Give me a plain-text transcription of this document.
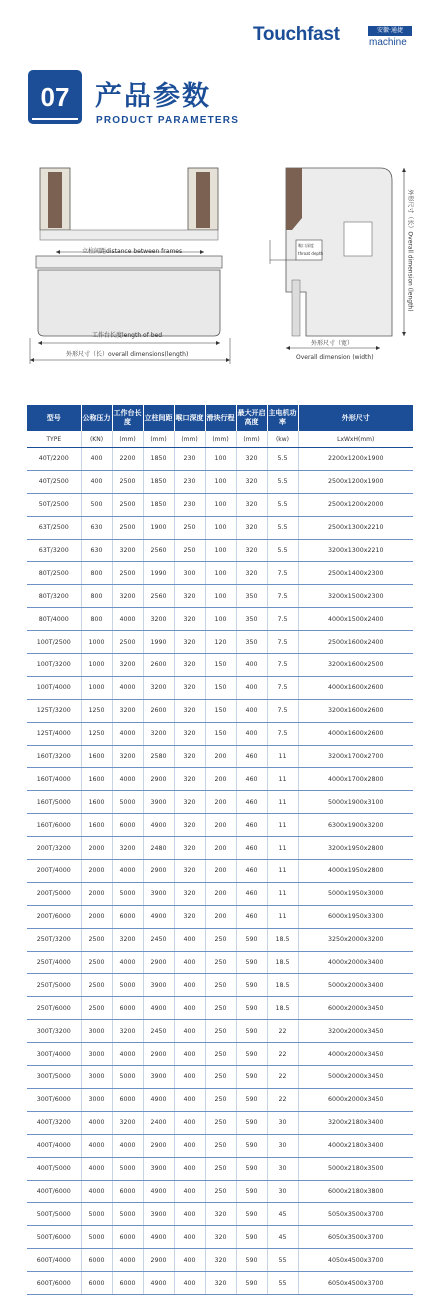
Touchfast	安徽·通捷
machine
07 产品参数
PRODUCT PARAMETERS
立柱间距distance between frames
工作台长度length of bed
外形尺寸（长）overall dimensions(length)
喉口深度
throat depth
外形尺寸（宽）
Overall dimension (width)
外形尺寸（长）Overall dimension (length)
型号	公称压力	工作台长度	立柱间距	喉口深度	滑块行程	最大开启高度	主电机功率	外形尺寸
TYPE	(KN)	(mm)	(mm)	(mm)	(mm)	(mm)	(kw)	LxWxH(mm)
40T/2200	400	2200	1850	230	100	320	5.5	2200x1200x1900
40T/2500	400	2500	1850	230	100	320	5.5	2500x1200x1900
50T/2500	500	2500	1850	230	100	320	5.5	2500x1200x2000
63T/2500	630	2500	1900	250	100	320	5.5	2500x1300x2210
63T/3200	630	3200	2560	250	100	320	5.5	3200x1300x2210
80T/2500	800	2500	1990	300	100	320	7.5	2500x1400x2300
80T/3200	800	3200	2560	320	100	350	7.5	3200x1500x2300
80T/4000	800	4000	3200	320	100	350	7.5	4000x1500x2400
100T/2500	1000	2500	1990	320	120	350	7.5	2500x1600x2400
100T/3200	1000	3200	2600	320	150	400	7.5	3200x1600x2500
100T/4000	1000	4000	3200	320	150	400	7.5	4000x1600x2600
125T/3200	1250	3200	2600	320	150	400	7.5	3200x1600x2600
125T/4000	1250	4000	3200	320	150	400	7.5	4000x1600x2600
160T/3200	1600	3200	2580	320	200	460	11	3200x1700x2700
160T/4000	1600	4000	2900	320	200	460	11	4000x1700x2800
160T/5000	1600	5000	3900	320	200	460	11	5000x1900x3100
160T/6000	1600	6000	4900	320	200	460	11	6300x1900x3200
200T/3200	2000	3200	2480	320	200	460	11	3200x1950x2800
200T/4000	2000	4000	2900	320	200	460	11	4000x1950x2800
200T/5000	2000	5000	3900	320	200	460	11	5000x1950x3000
200T/6000	2000	6000	4900	320	200	460	11	6000x1950x3300
250T/3200	2500	3200	2450	400	250	590	18.5	3250x2000x3200
250T/4000	2500	4000	2900	400	250	590	18.5	4000x2000x3400
250T/5000	2500	5000	3900	400	250	590	18.5	5000x2000x3400
250T/6000	2500	6000	4900	400	250	590	18.5	6000x2000x3450
300T/3200	3000	3200	2450	400	250	590	22	3200x2000x3450
300T/4000	3000	4000	2900	400	250	590	22	4000x2000x3450
300T/5000	3000	5000	3900	400	250	590	22	5000x2000x3450
300T/6000	3000	6000	4900	400	250	590	22	6000x2000x3450
400T/3200	4000	3200	2400	400	250	590	30	3200x2180x3400
400T/4000	4000	4000	2900	400	250	590	30	4000x2180x3400
400T/5000	4000	5000	3900	400	250	590	30	5000x2180x3500
400T/6000	4000	6000	4900	400	250	590	30	6000x2180x3800
500T/5000	5000	5000	3900	400	320	590	45	5050x3500x3700
500T/6000	5000	6000	4900	400	320	590	45	6050x3500x3700
600T/4000	6000	4000	2900	400	320	590	55	4050x4500x3700
600T/6000	6000	6000	4900	400	320	590	55	6050x4500x3700
